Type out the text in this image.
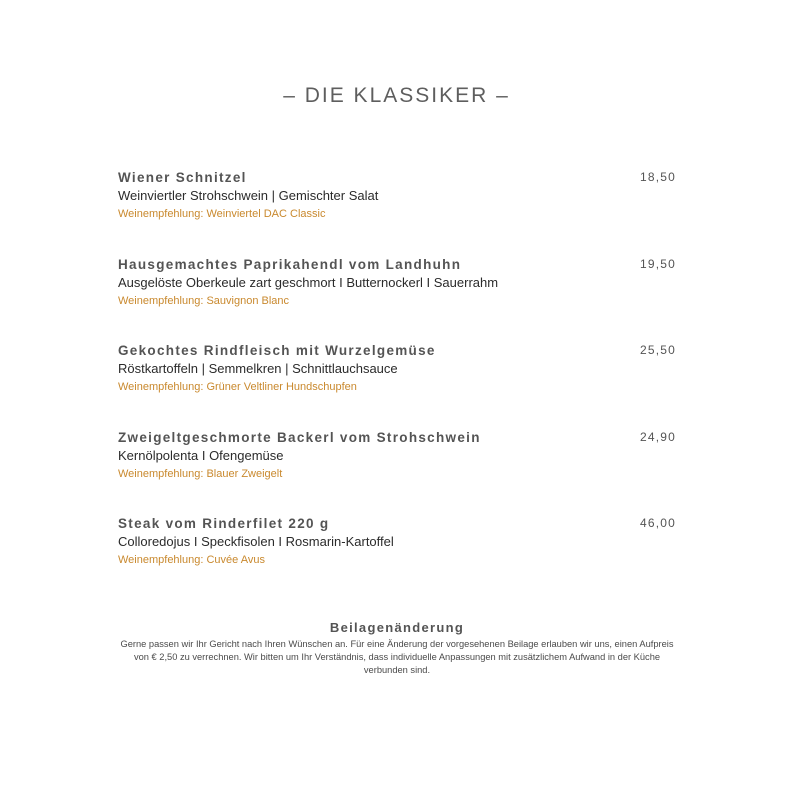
– DIE KLASSIKER –
Wiener Schnitzel	18,50
Weinviertler Strohschwein | Gemischter Salat
Weinempfehlung: Weinviertel DAC Classic
Hausgemachtes Paprikahendl vom Landhuhn	19,50
Ausgelöste Oberkeule zart geschmort I Butternockerl I Sauerrahm
Weinempfehlung: Sauvignon Blanc
Gekochtes Rindfleisch mit Wurzelgemüse	25,50
Röstkartoffeln | Semmelkren | Schnittlauchsauce
Weinempfehlung: Grüner Veltliner Hundschupfen
Zweigeltgeschmorte Backerl vom Strohschwein	24,90
Kernölpolenta I Ofengemüse
Weinempfehlung: Blauer Zweigelt
Steak vom Rinderfilet 220 g	46,00
Colloredojus I Speckfisolen I Rosmarin-Kartoffel
Weinempfehlung: Cuvée Avus
Beilagenänderung
Gerne passen wir Ihr Gericht nach Ihren Wünschen an. Für eine Änderung der vorgesehenen Beilage erlauben wir uns, einen Aufpreis von € 2,50 zu verrechnen. Wir bitten um Ihr Verständnis, dass individuelle Anpassungen mit zusätzlichem Aufwand in der Küche verbunden sind.
